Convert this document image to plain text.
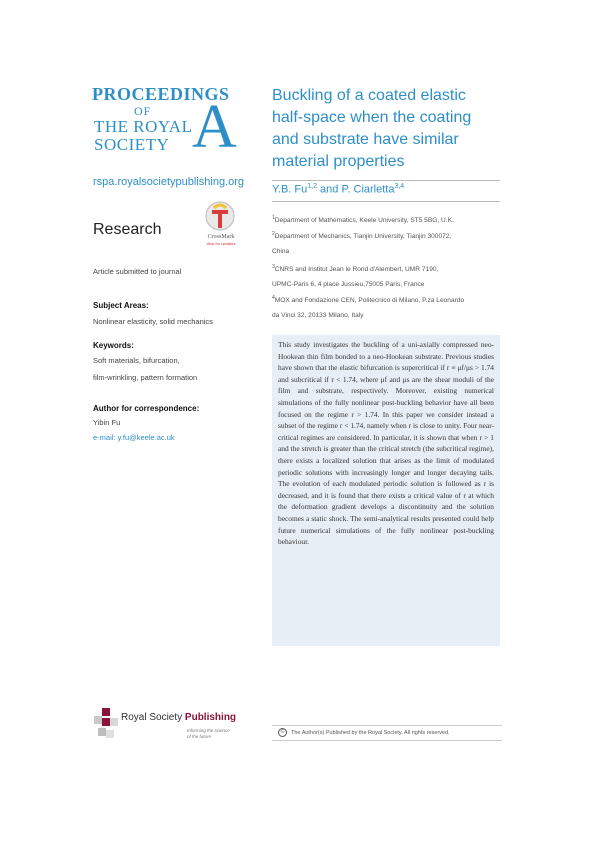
PROCEEDINGS
OF
THE ROYAL
SOCIETY A
rspa.royalsocietypublishing.org
Research	CrossMark
click for updates
Article submitted to journal
Subject Areas:
Nonlinear elasticity, solid mechanics
Keywords:
Soft materials, bifurcation,
film-wrinkling, pattern formation
Author for correspondence:
Yibin Fu
e-mail: y.fu@keele.ac.uk
Buckling of a coated elastic
half-space when the coating
and substrate have similar
material properties
Y.B. Fu$^{1,2}$ and P. Ciarletta$^{3,4}$
$^1$Department of Mathematics, Keele University, ST5 5BG, U.K.
$^2$Department of Mechanics, Tianjin University, Tianjin 300072,
China
$^3$CNRS and Institut Jean le Rond d'Alembert, UMR 7190,
UPMC-Paris 6, 4 place Jussieu,75005 Paris, France
$^4$MOX and Fondazione CEN, Politecnico di Milano, P.za Leonardo
da Vinci 32, 20133 Milano, Italy
This study investigates the buckling of a uni-axially compressed neo-Hookean thin film bonded to a neo-Hookean substrate. Previous studies have shown that the elastic bifurcation is supercritical if r ≡ μf/μs > 1.74 and subcritical if r < 1.74, where μf and μs are the shear moduli of the film and substrate, respectively. Moreover, existing numerical simulations of the fully nonlinear post-buckling behavior have all been focused on the regime r > 1.74. In this paper we consider instead a subset of the regime r < 1.74, namely when r is close to unity. Four near-critical regimes are considered. In particular, it is shown that when r > 1 and the stretch is greater than the critical stretch (the subcritical regime), there exists a localized solution that arises as the limit of modulated periodic solutions with increasingly longer and longer decaying tails. The evolution of each modulated periodic solution is followed as r is decreased, and it is found that there exists a critical value of r at which the deformation gradient develops a discontinuity and the solution becomes a static shock. The semi-analytical results presented could help future numerical simulations of the fully nonlinear post-buckling behaviour.
Royal Society Publishing
Informing the science
of the future
© The Author(s) Published by the Royal Society. All rights reserved.
